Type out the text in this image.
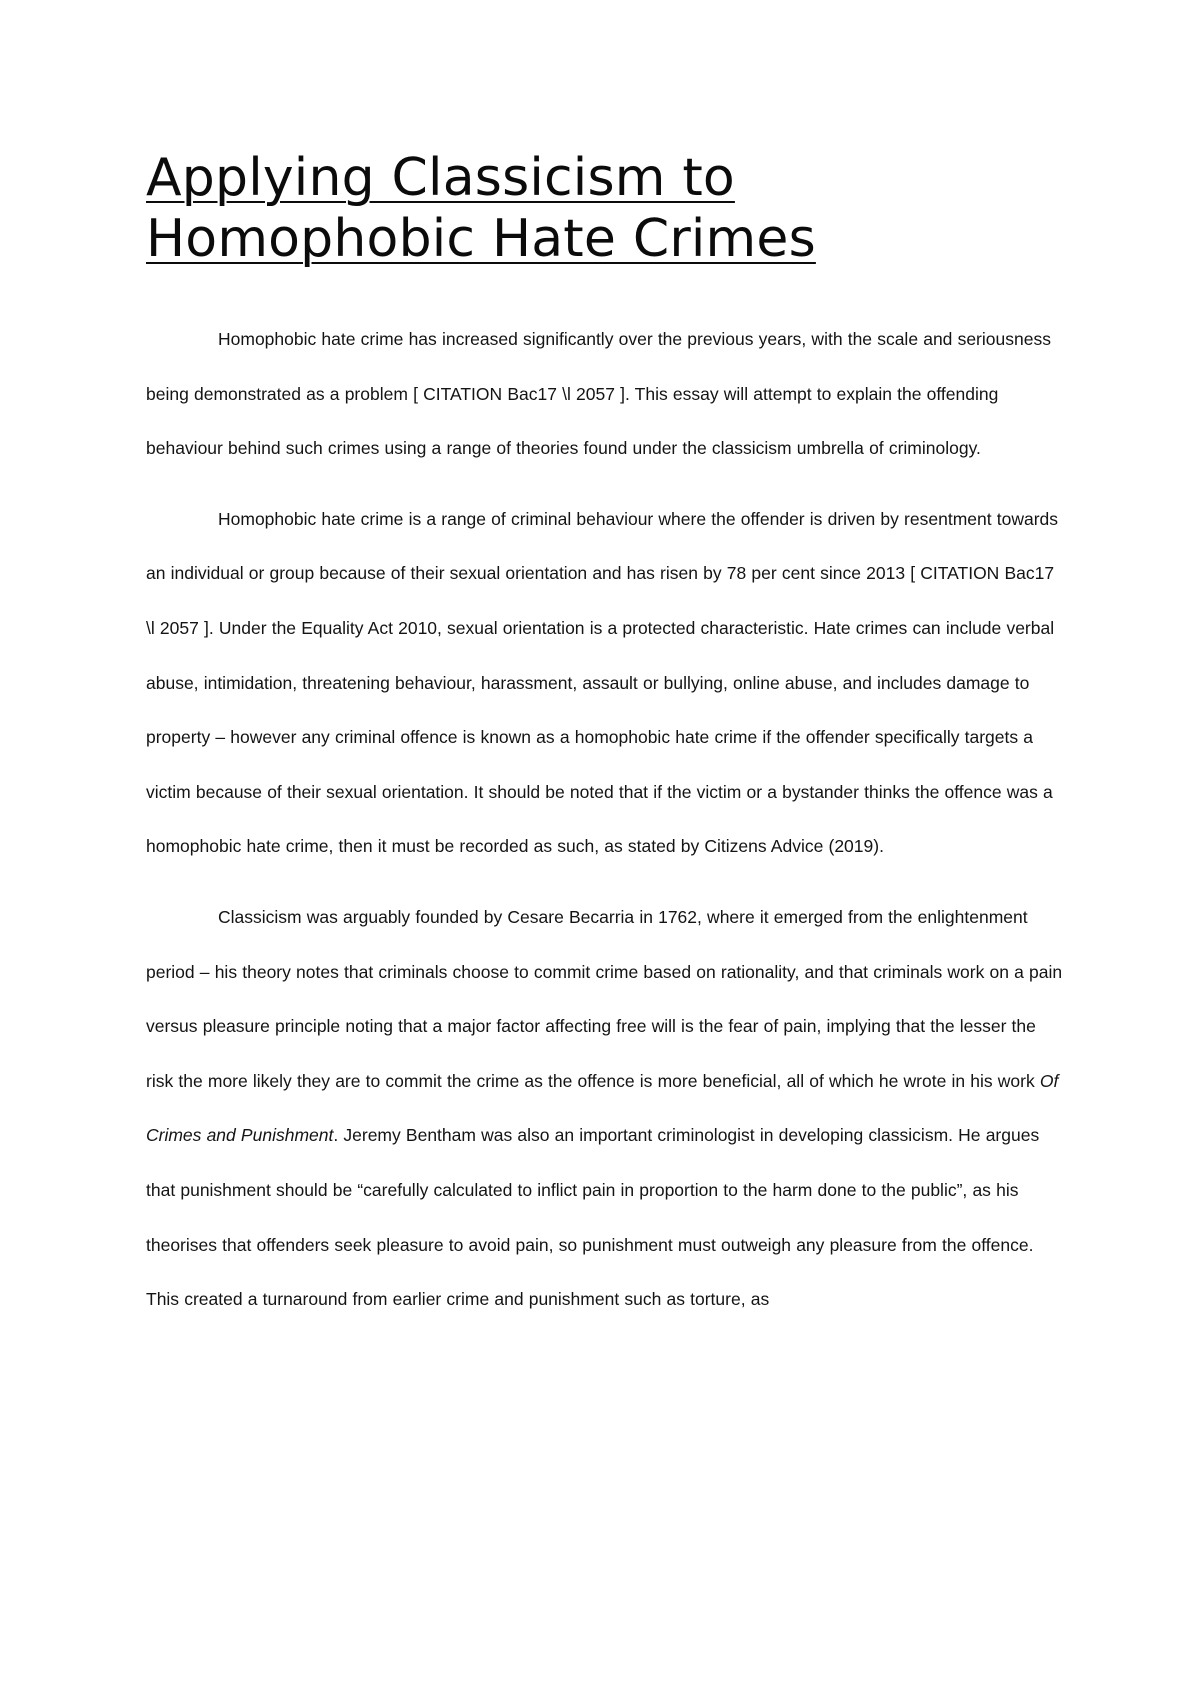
Applying Classicism to
Homophobic Hate Crimes

Homophobic hate crime has increased significantly over the previous years, with the scale and seriousness being demonstrated as a problem [ CITATION Bac17 \l 2057 ]. This essay will attempt to explain the offending behaviour behind such crimes using a range of theories found under the classicism umbrella of criminology.

Homophobic hate crime is a range of criminal behaviour where the offender is driven by resentment towards an individual or group because of their sexual orientation and has risen by 78 per cent since 2013 [ CITATION Bac17 \l 2057 ]. Under the Equality Act 2010, sexual orientation is a protected characteristic. Hate crimes can include verbal abuse, intimidation, threatening behaviour, harassment, assault or bullying, online abuse, and includes damage to property – however any criminal offence is known as a homophobic hate crime if the offender specifically targets a victim because of their sexual orientation. It should be noted that if the victim or a bystander thinks the offence was a homophobic hate crime, then it must be recorded as such, as stated by Citizens Advice (2019).

Classicism was arguably founded by Cesare Becarria in 1762, where it emerged from the enlightenment period – his theory notes that criminals choose to commit crime based on rationality, and that criminals work on a pain versus pleasure principle noting that a major factor affecting free will is the fear of pain, implying that the lesser the risk the more likely they are to commit the crime as the offence is more beneficial, all of which he wrote in his work Of Crimes and Punishment. Jeremy Bentham was also an important criminologist in developing classicism. He argues that punishment should be “carefully calculated to inflict pain in proportion to the harm done to the public”, as his theorises that offenders seek pleasure to avoid pain, so punishment must outweigh any pleasure from the offence. This created a turnaround from earlier crime and punishment such as torture, as
